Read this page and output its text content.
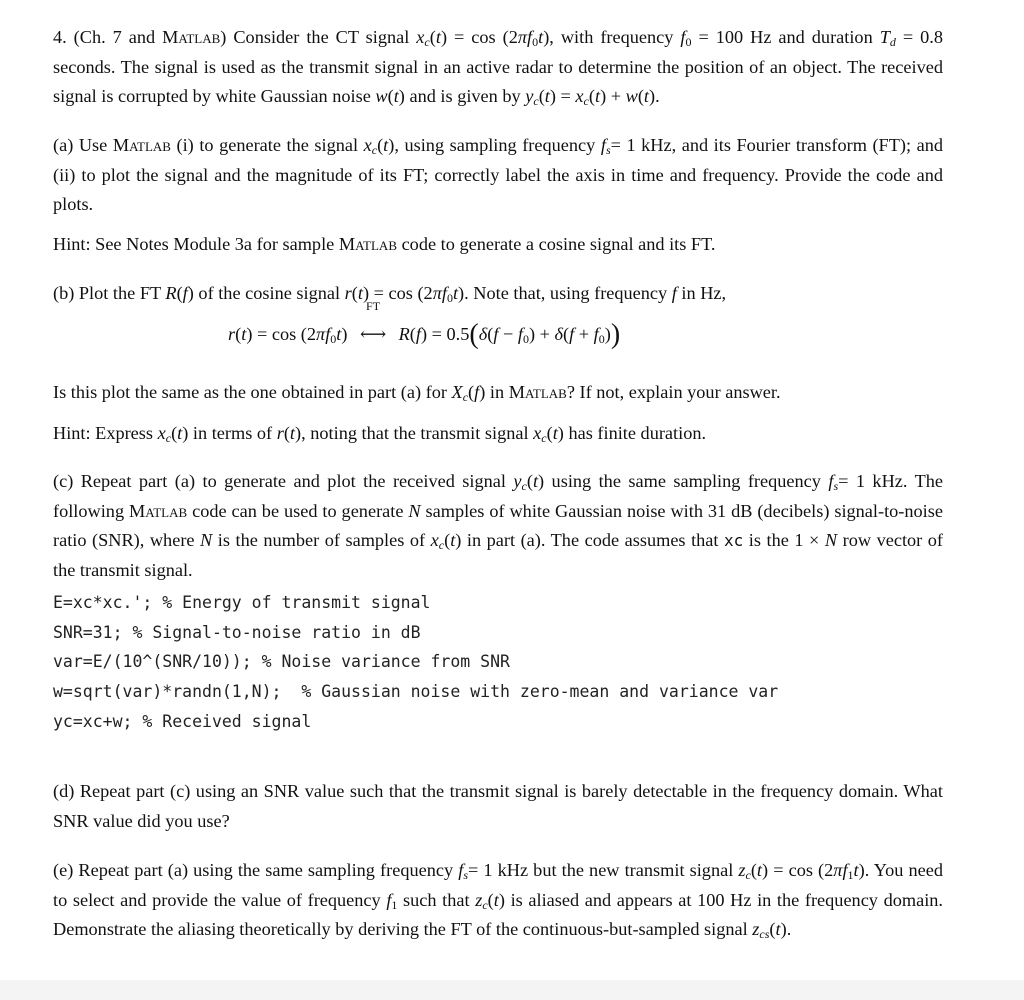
4. (Ch. 7 and Matlab) Consider the CT signal $x_c(t) = \cos (2\pi f_0t)$, with frequency $f_0 = 100$ Hz and duration $T_d = 0.8$ seconds. The signal is used as the transmit signal in an active radar to determine the position of an object. The received signal is corrupted by white Gaussian noise w(t) and is given by $y_c(t) = x_c(t) + w(t)$.

(a) Use Matlab (i) to generate the signal $x_c(t)$, using sampling frequency $f_s= 1$ kHz, and its Fourier transform (FT); and (ii) to plot the signal and the magnitude of its FT; correctly label the axis in time and frequency. Provide the code and plots.

Hint: See Notes Module 3a for sample Matlab code to generate a cosine signal and its FT.

(b) Plot the FT R(f) of the cosine signal $r(t) = \cos (2\pi f_0t)$. Note that, using frequency f in Hz,

$r(t) = \cos (2\pi f_0t)$
FT
⟷ $R(f) = 0.5(\delta(f - f_0) + \delta(f + f_0))$

Is this plot the same as the one obtained in part (a) for $X_c(f)$ in Matlab? If not, explain your answer.

Hint: Express $x_c(t)$ in terms of r(t), noting that the transmit signal $x_c(t)$ has finite duration.

(c) Repeat part (a) to generate and plot the received signal $y_c(t)$ using the same sampling frequency $f_s= 1$ kHz. The following Matlab code can be used to generate N samples of white Gaussian noise with 31 dB (decibels) signal-to-noise ratio (SNR), where N is the number of samples of $x_c(t)$ in part (a). The code assumes that xc is the 1 × N row vector of the transmit signal.

E=xc*xc.'; % Energy of transmit signal
SNR=31; % Signal-to-noise ratio in dB
var=E/(10^(SNR/10)); % Noise variance from SNR
w=sqrt(var)*randn(1,N);  % Gaussian noise with zero-mean and variance var
yc=xc+w; % Received signal

(d) Repeat part (c) using an SNR value such that the transmit signal is barely detectable in the frequency domain. What SNR value did you use?

(e) Repeat part (a) using the same sampling frequency $f_s= 1$ kHz but the new transmit signal $z_c(t) = \cos (2\pi f_1t)$. You need to select and provide the value of frequency $f_1$ such that $z_c(t)$ is aliased and appears at 100 Hz in the frequency domain. Demonstrate the aliasing theoretically by deriving the FT of the continuous-but-sampled signal $z_{cs}(t)$.
